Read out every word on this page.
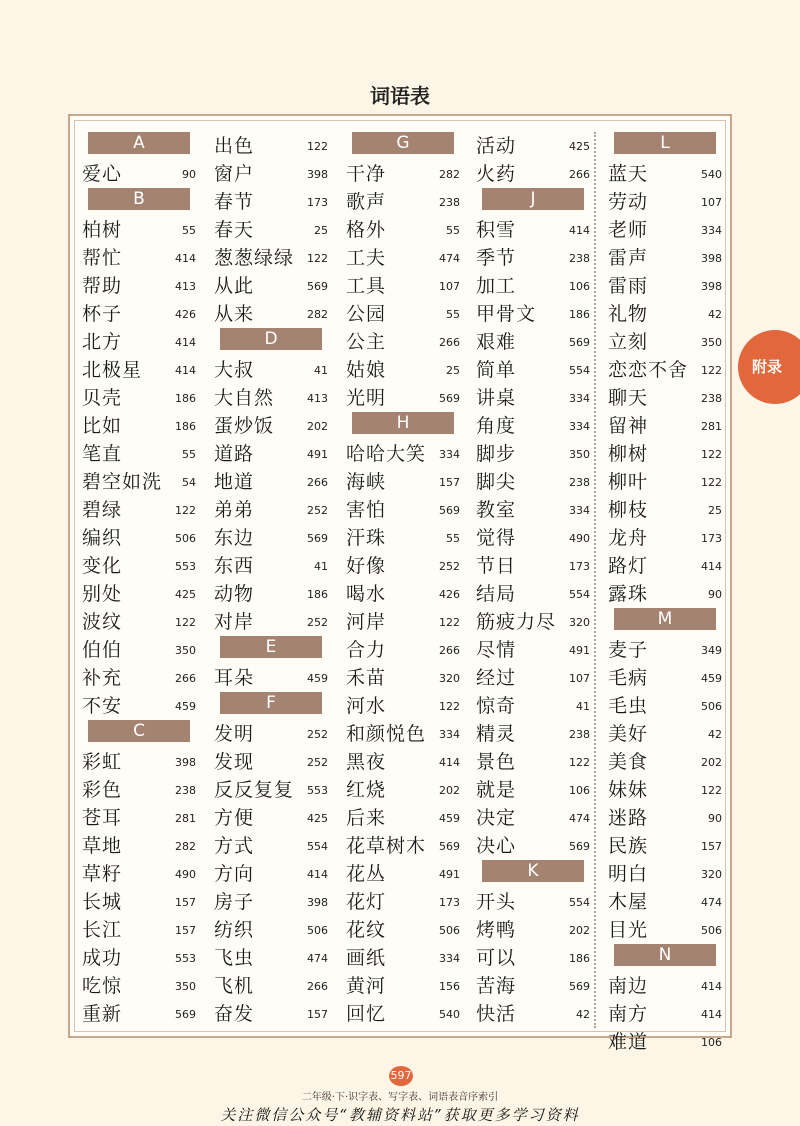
词语表
A
爱心	90
B
柏树	55
帮忙	414
帮助	413
杯子	426
北方	414
北极星	414
贝壳	186
比如	186
笔直	55
碧空如洗 54
碧绿	122
编织	506
变化	553
别处	425
波纹	122
伯伯	350
补充	266
不安	459
C
彩虹	398
彩色	238
苍耳	281
草地	282
草籽	490
长城	157
长江	157
成功	553
吃惊	350
重新	569
出色	122
窗户	398
春节	173
春天	25
葱葱绿绿 122
从此	569
从来	282
D
大叔	41
大自然	413
蛋炒饭	202
道路	491
地道	266
弟弟	252
东边	569
东西	41
动物	186
对岸	252
E
耳朵	459
F
发明	252
发现	252
反反复复 553
方便	425
方式	554
方向	414
房子	398
纺织	506
飞虫	474
飞机	266
奋发	157
G
干净	282
歌声	238
格外	55
工夫	474
工具	107
公园	55
公主	266
姑娘	25
光明	569
H
哈哈大笑 334
海峡	157
害怕	569
汗珠	55
好像	252
喝水	426
河岸	122
合力	266
禾苗	320
河水	122
和颜悦色 334
黑夜	414
红烧	202
后来	459
花草树木 569
花丛	491
花灯	173
花纹	506
画纸	334
黄河	156
回忆	540
活动	425
火药	266
J
积雪	414
季节	238
加工	106
甲骨文	186
艰难	569
简单	554
讲桌	334
角度	334
脚步	350
脚尖	238
教室	334
觉得	490
节日	173
结局	554
筋疲力尽 320
尽情	491
经过	107
惊奇	41
精灵	238
景色	122
就是	106
决定	474
决心	569
K
开头	554
烤鸭	202
可以	186
苦海	569
快活	42
L
蓝天	540
劳动	107
老师	334
雷声	398
雷雨	398
礼物	42
立刻	350
恋恋不舍 122
聊天	238
留神	281
柳树	122
柳叶	122
柳枝	25
龙舟	173
路灯	414
露珠	90
M
麦子	349
毛病	459
毛虫	506
美好	42
美食	202
妹妹	122
迷路	90
民族	157
明白	320
木屋	474
目光	506
N
南边	414
南方	414
难道	106
附录
597
二年级·下·识字表、写字表、词语表音序索引
关注微信公众号“教辅资料站”获取更多学习资料
